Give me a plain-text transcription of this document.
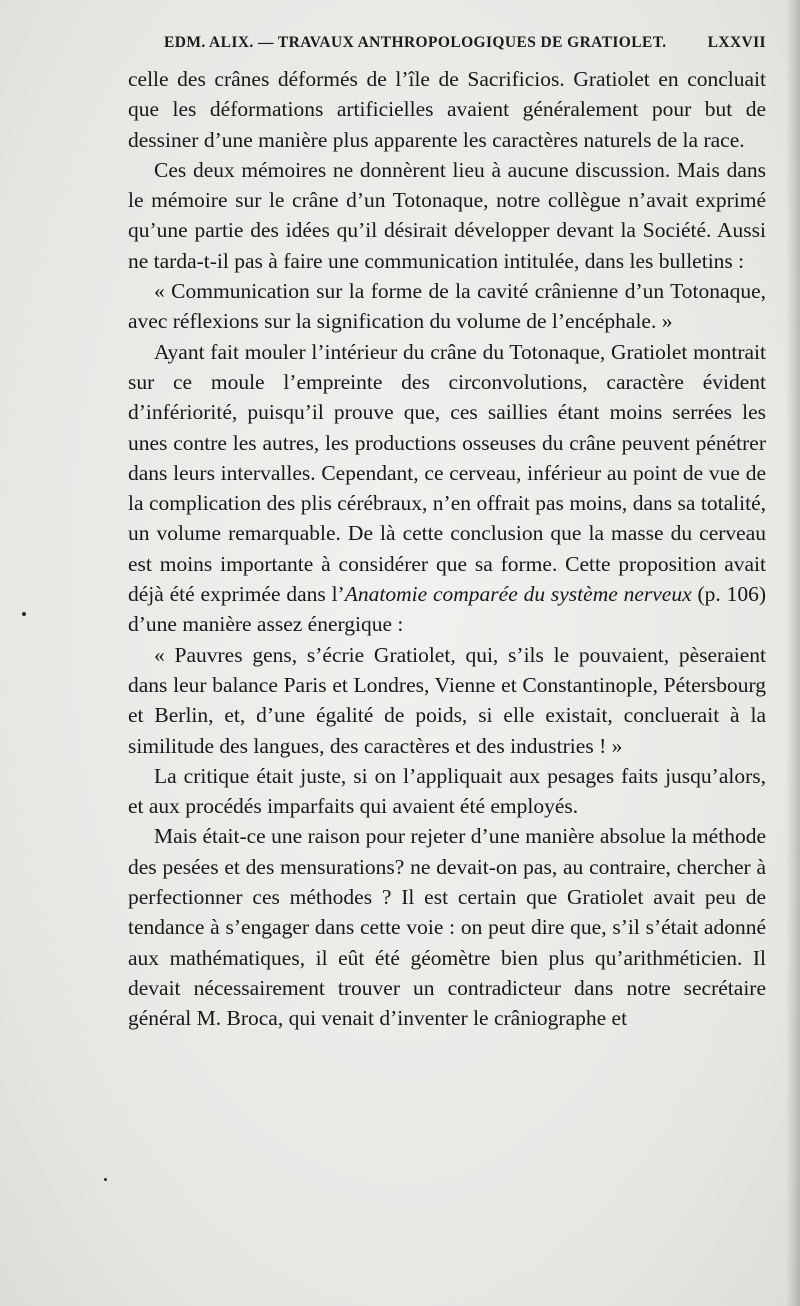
EDM. ALIX. — TRAVAUX ANTHROPOLOGIQUES DE GRATIOLET.	LXXVII

celle des crânes déformés de l’île de Sacrificios. Gratiolet en concluait que les déformations artificielles avaient généralement pour but de dessiner d’une manière plus apparente les caractères naturels de la race.

Ces deux mémoires ne donnèrent lieu à aucune discussion. Mais dans le mémoire sur le crâne d’un Totonaque, notre collègue n’avait exprimé qu’une partie des idées qu’il désirait développer devant la Société. Aussi ne tarda-t-il pas à faire une communication intitulée, dans les bulletins :

« Communication sur la forme de la cavité crânienne d’un Totonaque, avec réflexions sur la signification du volume de l’encéphale. »

Ayant fait mouler l’intérieur du crâne du Totonaque, Gratiolet montrait sur ce moule l’empreinte des circonvolutions, caractère évident d’infériorité, puisqu’il prouve que, ces saillies étant moins serrées les unes contre les autres, les productions osseuses du crâne peuvent pénétrer dans leurs intervalles. Cependant, ce cerveau, inférieur au point de vue de la complication des plis cérébraux, n’en offrait pas moins, dans sa totalité, un volume remarquable. De là cette conclusion que la masse du cerveau est moins importante à considérer que sa forme. Cette proposition avait déjà été exprimée dans l’Anatomie comparée du système nerveux (p. 106) d’une manière assez énergique :

« Pauvres gens, s’écrie Gratiolet, qui, s’ils le pouvaient, pèseraient dans leur balance Paris et Londres, Vienne et Constantinople, Pétersbourg et Berlin, et, d’une égalité de poids, si elle existait, concluerait à la similitude des langues, des caractères et des industries ! »

La critique était juste, si on l’appliquait aux pesages faits jusqu’alors, et aux procédés imparfaits qui avaient été employés.

Mais était-ce une raison pour rejeter d’une manière absolue la méthode des pesées et des mensurations? ne devait-on pas, au contraire, chercher à perfectionner ces méthodes ? Il est certain que Gratiolet avait peu de tendance à s’engager dans cette voie : on peut dire que, s’il s’était adonné aux mathématiques, il eût été géomètre bien plus qu’arithméticien. Il devait nécessairement trouver un contradicteur dans notre secrétaire général M. Broca, qui venait d’inventer le crâniographe et
